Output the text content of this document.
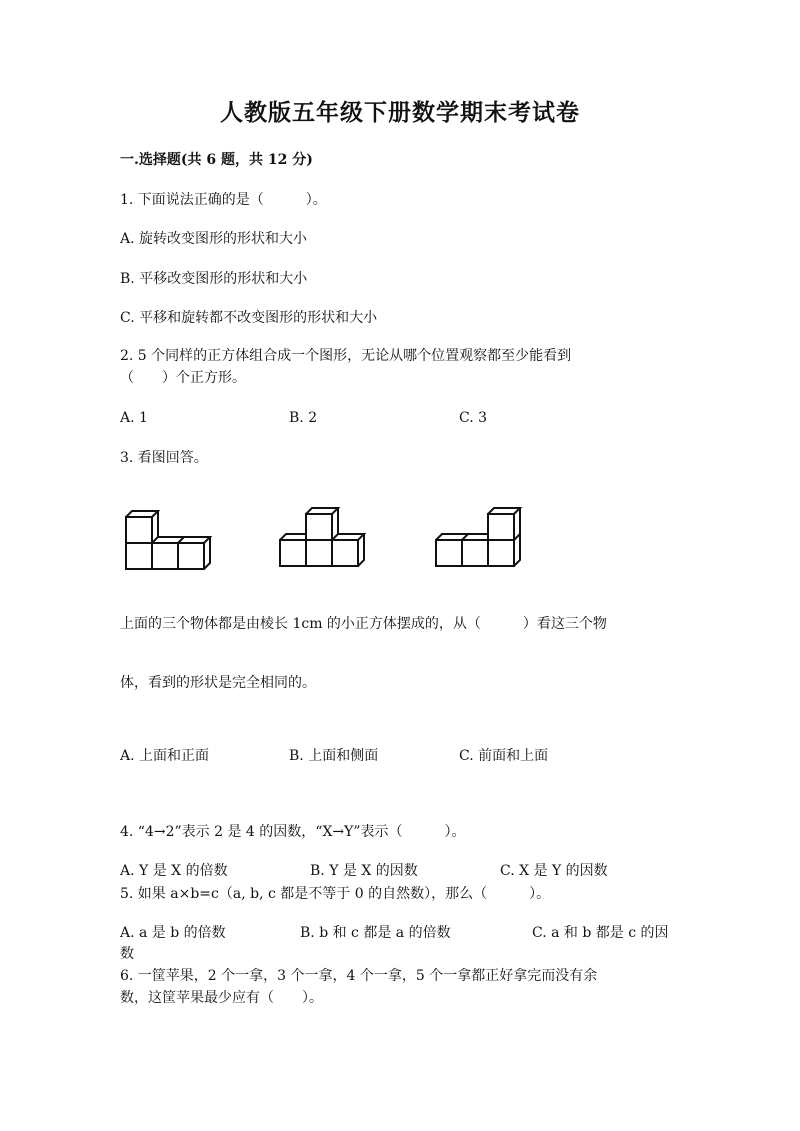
人教版五年级下册数学期末考试卷
一.选择题(共 6 题，共 12 分)
1. 下面说法正确的是（　　　）。
A. 旋转改变图形的形状和大小
B. 平移改变图形的形状和大小
C. 平移和旋转都不改变图形的形状和大小
2. 5 个同样的正方体组合成一个图形，无论从哪个位置观察都至少能看到
（　　）个正方形。
A. 1	B. 2	C. 3
3. 看图回答。
上面的三个物体都是由棱长 1cm 的小正方体摆成的，从（　　　）看这三个物
体，看到的形状是完全相同的。
A. 上面和正面	B. 上面和侧面	C. 前面和上面
4. “4→2”表示 2 是 4 的因数，“X→Y”表示（　　　）。
A. Y 是 X 的倍数	B. Y 是 X 的因数	C. X 是 Y 的因数
5. 如果 a×b=c（a, b, c 都是不等于 0 的自然数），那么（　　　）。
A. a 是 b 的倍数	B. b 和 c 都是 a 的倍数	C. a 和 b 都是 c 的因
数
6. 一筐苹果，2 个一拿，3 个一拿，4 个一拿，5 个一拿都正好拿完而没有余
数，这筐苹果最少应有（　　）。
